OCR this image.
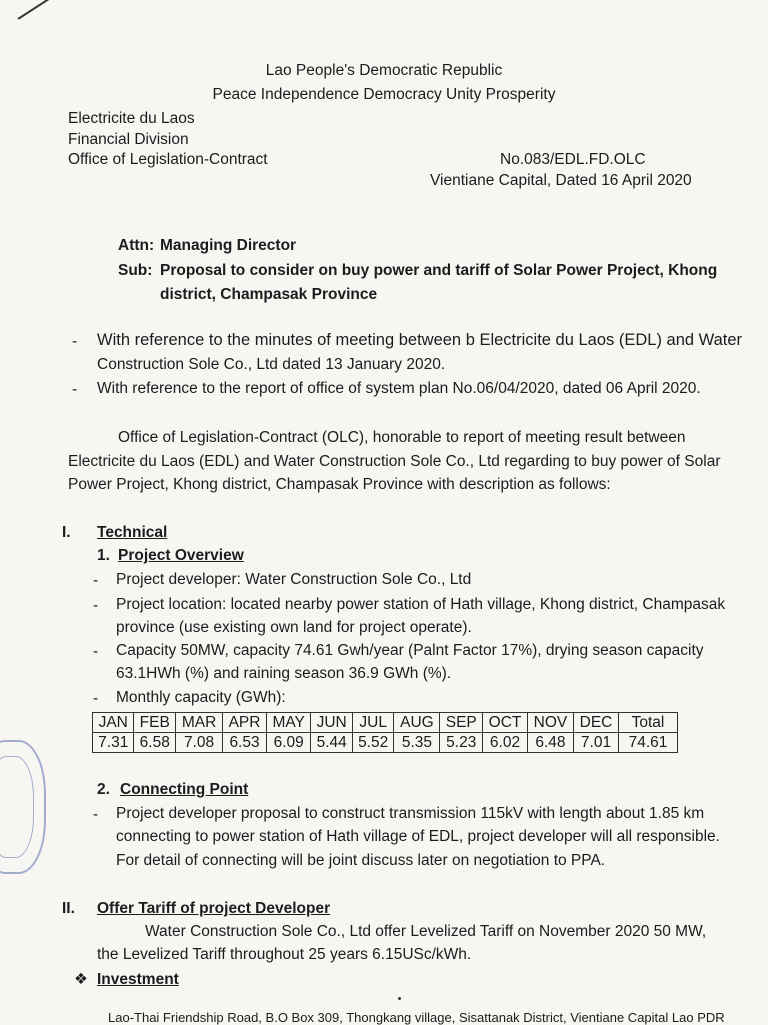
Lao People's Democratic Republic
Peace Independence Democracy Unity Prosperity
Electricite du Laos
Financial Division
Office of Legislation-Contract	No.083/EDL.FD.OLC
Vientiane Capital, Dated 16 April 2020
Attn: Managing Director
Sub: Proposal to consider on buy power and tariff of Solar Power Project, Khong
district, Champasak Province
- With reference to the minutes of meeting between b Electricite du Laos (EDL) and Water
Construction Sole Co., Ltd dated 13 January 2020.
- With reference to the report of office of system plan No.06/04/2020, dated 06 April 2020.
Office of Legislation-Contract (OLC), honorable to report of meeting result between
Electricite du Laos (EDL) and Water Construction Sole Co., Ltd regarding to buy power of Solar
Power Project, Khong district, Champasak Province with description as follows:
I. Technical
1. Project Overview
- Project developer: Water Construction Sole Co., Ltd
- Project location: located nearby power station of Hath village, Khong district, Champasak
province (use existing own land for project operate).
- Capacity 50MW, capacity 74.61 Gwh/year (Palnt Factor 17%), drying season capacity
63.1HWh (%) and raining season 36.9 GWh (%).
- Monthly capacity (GWh):
JAN	FEB	MAR	APR	MAY	JUN	JUL	AUG	SEP	OCT	NOV	DEC	Total
7.31	6.58	7.08	6.53	6.09	5.44	5.52	5.35	5.23	6.02	6.48	7.01	74.61
2. Connecting Point
- Project developer proposal to construct transmission 115kV with length about 1.85 km
connecting to power station of Hath village of EDL, project developer will all responsible.
For detail of connecting will be joint discuss later on negotiation to PPA.
II. Offer Tariff of project Developer
Water Construction Sole Co., Ltd offer Levelized Tariff on November 2020 50 MW,
the Levelized Tariff throughout 25 years 6.15USc/kWh.
❖ Investment
Lao-Thai Friendship Road, B.O Box 309, Thongkang village, Sisattanak District, Vientiane Capital Lao PDR
